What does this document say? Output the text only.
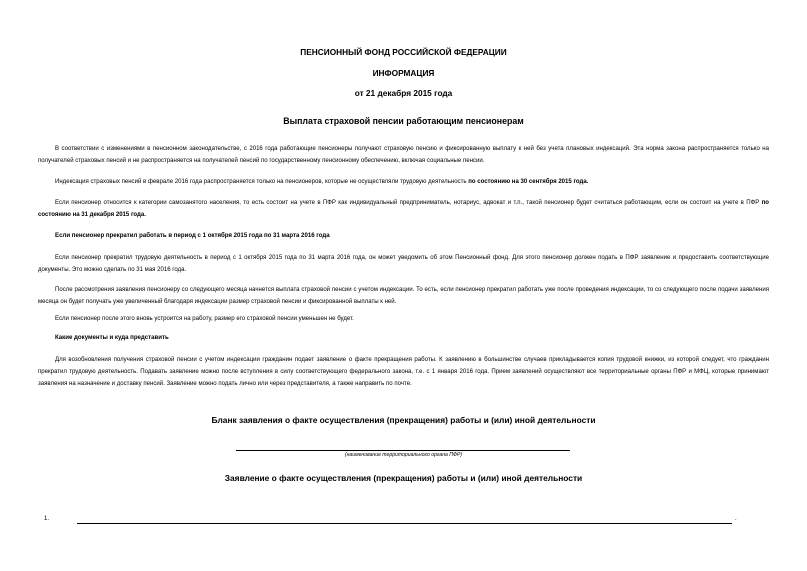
ПЕНСИОННЫЙ ФОНД РОССИЙСКОЙ ФЕДЕРАЦИИ
ИНФОРМАЦИЯ
от 21 декабря 2015 года
Выплата страховой пенсии работающим пенсионерам
В соответствии с изменениями в пенсионном законодательстве, с 2016 года работающие пенсионеры получают страховую пенсию и фиксированную выплату к ней без учета плановых индексаций. Эта норма закона распространяется только на получателей страховых пенсий и не распространяется на получателей пенсий по государственному пенсионному обеспечению, включая социальные пенсии.
Индексация страховых пенсий в феврале 2016 года распространяется только на пенсионеров, которые не осуществляли трудовую деятельность по состоянию на 30 сентября 2015 года.
Если пенсионер относится к категории самозанятого населения, то есть состоит на учете в ПФР как индивидуальный предприниматель, нотариус, адвокат и т.п., такой пенсионер будет считаться работающим, если он состоит на учете в ПФР по состоянию на 31 декабря 2015 года.
Если пенсионер прекратил работать в период с 1 октября 2015 года по 31 марта 2016 года
Если пенсионер прекратил трудовую деятельность в период с 1 октября 2015 года по 31 марта 2016 года, он может уведомить об этом Пенсионный фонд. Для этого пенсионер должен подать в ПФР заявление и предоставить соответствующие документы. Это можно сделать по 31 мая 2016 года.
После рассмотрения заявления пенсионеру со следующего месяца начнется выплата страховой пенсии с учетом индексации. То есть, если пенсионер прекратил работать уже после проведения индексации, то со следующего после подачи заявления месяца он будет получать уже увеличенный благодаря индексации размер страховой пенсии и фиксированной выплаты к ней.
Если пенсионер после этого вновь устроится на работу, размер его страховой пенсии уменьшен не будет.
Какие документы и куда представить
Для возобновления получения страховой пенсии с учетом индексации гражданин подает заявление о факте прекращения работы. К заявлению в большинстве случаев прикладывается копия трудовой книжки, из которой следует, что гражданин прекратил трудовую деятельность. Подавать заявление можно после вступления в силу соответствующего федерального закона, т.е. с 1 января 2016 года. Прием заявлений осуществляют все территориальные органы ПФР и МФЦ, которые принимают заявления на назначение и доставку пенсий. Заявление можно подать лично или через представителя, а также направить по почте.
Бланк заявления о факте осуществления (прекращения) работы и (или) иной деятельности
(наименование территориального органа ПФР)
Заявление о факте осуществления (прекращения) работы и (или) иной деятельности
1.	.
